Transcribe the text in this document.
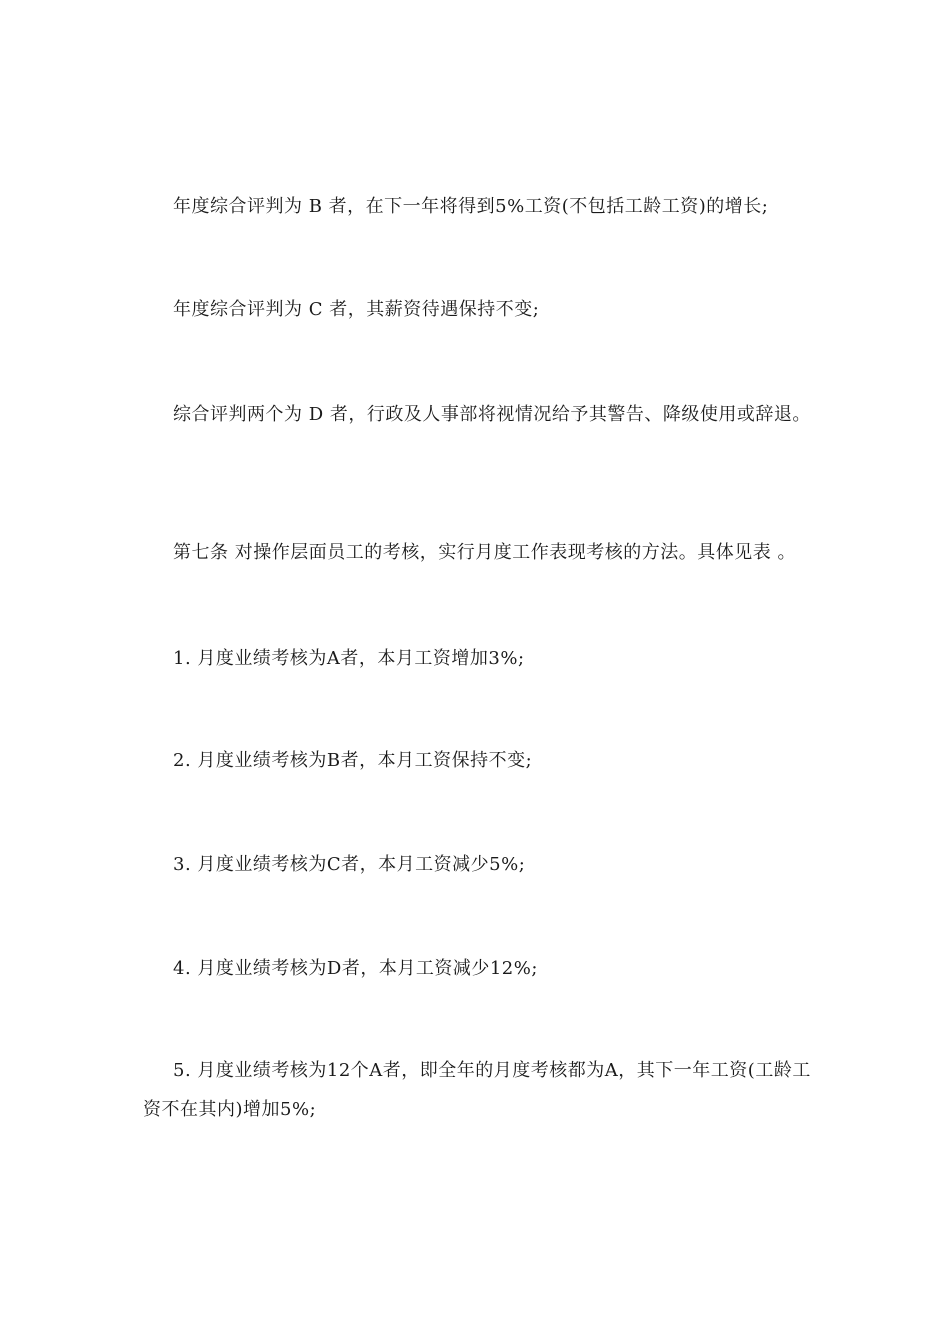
年度综合评判为 B 者，在下一年将得到5%工资(不包括工龄工资)的增长;

年度综合评判为 C 者，其薪资待遇保持不变;

综合评判两个为 D 者，行政及人事部将视情况给予其警告、降级使用或辞退。

第七条 对操作层面员工的考核，实行月度工作表现考核的方法。具体见表 。

1. 月度业绩考核为A者，本月工资增加3%;

2. 月度业绩考核为B者，本月工资保持不变;

3. 月度业绩考核为C者，本月工资减少5%;

4. 月度业绩考核为D者，本月工资减少12%;

5. 月度业绩考核为12个A者，即全年的月度考核都为A，其下一年工资(工龄工资不在其内)增加5%;
